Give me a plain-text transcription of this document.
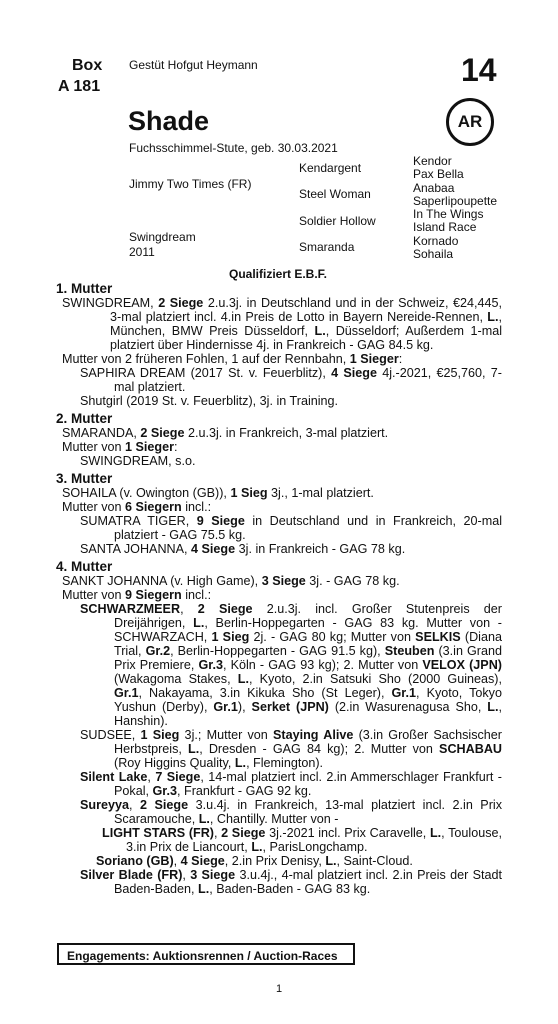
Box
A 181
Gestüt Hofgut Heymann	14
AR
Shade
Fuchsschimmel-Stute, geb. 30.03.2021
Jimmy Two Times (FR)
Swingdream
2011
Kendargent
Steel Woman
Soldier Hollow
Smaranda
Kendor
Pax Bella
Anabaa
Saperlipoupette
In The Wings
Island Race
Kornado
Sohaila
Qualifiziert E.B.F.
1. Mutter

SWINGDREAM, 2 Siege 2.u.3j. in Deutschland und in der Schweiz, €24,445, 3-mal platziert incl. 4.in Preis de Lotto in Bayern Nereide-Rennen, L., München, BMW Preis Düsseldorf, L., Düsseldorf; Außerdem 1-mal platziert über Hindernisse 4j. in Frankreich - GAG 84.5 kg.

Mutter von 2 früheren Fohlen, 1 auf der Rennbahn, 1 Sieger:

SAPHIRA DREAM (2017 St. v. Feuerblitz), 4 Siege 4j.-2021, €25,760, 7-mal platziert.

Shutgirl (2019 St. v. Feuerblitz), 3j. in Training.

2. Mutter

SMARANDA, 2 Siege 2.u.3j. in Frankreich, 3-mal platziert.

Mutter von 1 Sieger:

SWINGDREAM, s.o.

3. Mutter

SOHAILA (v. Owington (GB)), 1 Sieg 3j., 1-mal platziert.

Mutter von 6 Siegern incl.:

SUMATRA TIGER, 9 Siege in Deutschland und in Frankreich, 20-mal platziert - GAG 75.5 kg.

SANTA JOHANNA, 4 Siege 3j. in Frankreich - GAG 78 kg.

4. Mutter

SANKT JOHANNA (v. High Game), 3 Siege 3j. - GAG 78 kg.

Mutter von 9 Siegern incl.:

SCHWARZMEER, 2 Siege 2.u.3j. incl. Großer Stutenpreis der Dreijährigen, L., Berlin-Hoppegarten - GAG 83 kg. Mutter von - SCHWARZACH, 1 Sieg 2j. - GAG 80 kg; Mutter von SELKIS (Diana Trial, Gr.2, Berlin-Hoppegarten - GAG 91.5 kg), Steuben (3.in Grand Prix Premiere, Gr.3, Köln - GAG 93 kg); 2. Mutter von VELOX (JPN) (Wakagoma Stakes, L., Kyoto, 2.in Satsuki Sho (2000 Guineas), Gr.1, Nakayama, 3.in Kikuka Sho (St Leger), Gr.1, Kyoto, Tokyo Yushun (Derby), Gr.1), Serket (JPN) (2.in Wasurenagusa Sho, L., Hanshin).

SUDSEE, 1 Sieg 3j.; Mutter von Staying Alive (3.in Großer Sachsischer Herbstpreis, L., Dresden - GAG 84 kg); 2. Mutter von SCHABAU (Roy Higgins Quality, L., Flemington).

Silent Lake, 7 Siege, 14-mal platziert incl. 2.in Ammerschlager Frankfurt - Pokal, Gr.3, Frankfurt - GAG 92 kg.

Sureyya, 2 Siege 3.u.4j. in Frankreich, 13-mal platziert incl. 2.in Prix Scaramouche, L., Chantilly. Mutter von -

LIGHT STARS (FR), 2 Siege 3j.-2021 incl. Prix Caravelle, L., Toulouse, 3.in Prix de Liancourt, L., ParisLongchamp.

Soriano (GB), 4 Siege, 2.in Prix Denisy, L., Saint-Cloud.

Silver Blade (FR), 3 Siege 3.u.4j., 4-mal platziert incl. 2.in Preis der Stadt Baden-Baden, L., Baden-Baden - GAG 83 kg.

Engagements: Auktionsrennen / Auction-Races
1
